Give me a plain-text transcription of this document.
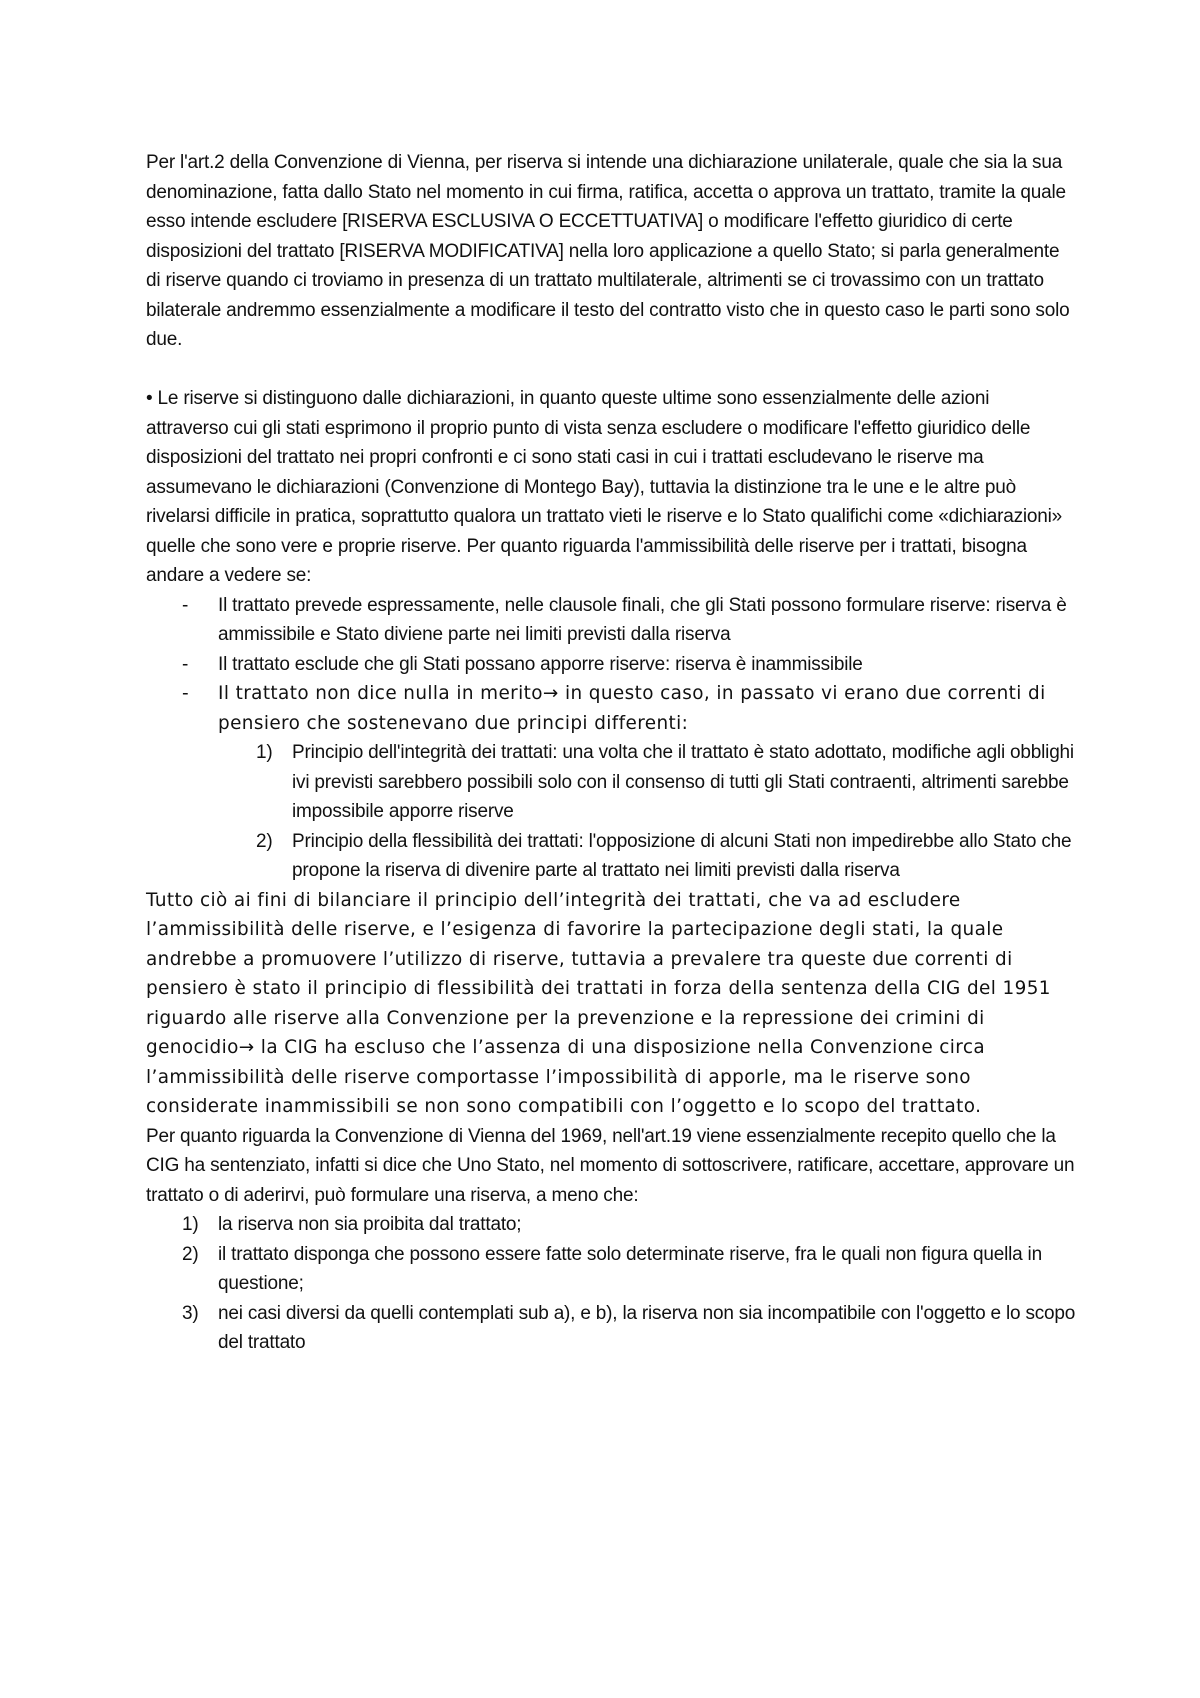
Per l'art.2 della Convenzione di Vienna, per riserva si intende una dichiarazione unilaterale, quale che sia la sua denominazione, fatta dallo Stato nel momento in cui firma, ratifica, accetta o approva un trattato, tramite la quale esso intende escludere [RISERVA ESCLUSIVA O ECCETTUATIVA] o modificare l'effetto giuridico di certe disposizioni del trattato [RISERVA MODIFICATIVA] nella loro applicazione a quello Stato; si parla generalmente di riserve quando ci troviamo in presenza di un trattato multilaterale, altrimenti se ci trovassimo con un trattato bilaterale andremmo essenzialmente a modificare il testo del contratto visto che in questo caso le parti sono solo due.

• Le riserve si distinguono dalle dichiarazioni, in quanto queste ultime sono essenzialmente delle azioni attraverso cui gli stati esprimono il proprio punto di vista senza escludere o modificare l'effetto giuridico delle disposizioni del trattato nei propri confronti e ci sono stati casi in cui i trattati escludevano le riserve ma assumevano le dichiarazioni (Convenzione di Montego Bay), tuttavia la distinzione tra le une e le altre può rivelarsi difficile in pratica, soprattutto qualora un trattato vieti le riserve e lo Stato qualifichi come «dichiarazioni» quelle che sono vere e proprie riserve. Per quanto riguarda l'ammissibilità delle riserve per i trattati, bisogna andare a vedere se:

- Il trattato prevede espressamente, nelle clausole finali, che gli Stati possono formulare riserve: riserva è ammissibile e Stato diviene parte nei limiti previsti dalla riserva
- Il trattato esclude che gli Stati possano apporre riserve: riserva è inammissibile
- Il trattato non dice nulla in merito→ in questo caso, in passato vi erano due correnti di pensiero che sostenevano due principi differenti:
1) Principio dell'integrità dei trattati: una volta che il trattato è stato adottato, modifiche agli obblighi ivi previsti sarebbero possibili solo con il consenso di tutti gli Stati contraenti, altrimenti sarebbe impossibile apporre riserve
2) Principio della flessibilità dei trattati: l'opposizione di alcuni Stati non impedirebbe allo Stato che propone la riserva di divenire parte al trattato nei limiti previsti dalla riserva

Tutto ciò ai fini di bilanciare il principio dell’integrità dei trattati, che va ad escludere l’ammissibilità delle riserve, e l’esigenza di favorire la partecipazione degli stati, la quale andrebbe a promuovere l’utilizzo di riserve, tuttavia a prevalere tra queste due correnti di pensiero è stato il principio di flessibilità dei trattati in forza della sentenza della CIG del 1951 riguardo alle riserve alla Convenzione per la prevenzione e la repressione dei crimini di genocidio→ la CIG ha escluso che l’assenza di una disposizione nella Convenzione circa l’ammissibilità delle riserve comportasse l’impossibilità di apporle, ma le riserve sono considerate inammissibili se non sono compatibili con l’oggetto e lo scopo del trattato.

Per quanto riguarda la Convenzione di Vienna del 1969, nell'art.19 viene essenzialmente recepito quello che la CIG ha sentenziato, infatti si dice che Uno Stato, nel momento di sottoscrivere, ratificare, accettare, approvare un trattato o di aderirvi, può formulare una riserva, a meno che:

1) la riserva non sia proibita dal trattato;
2) il trattato disponga che possono essere fatte solo determinate riserve, fra le quali non figura quella in questione;
3) nei casi diversi da quelli contemplati sub a), e b), la riserva non sia incompatibile con l'oggetto e lo scopo del trattato
